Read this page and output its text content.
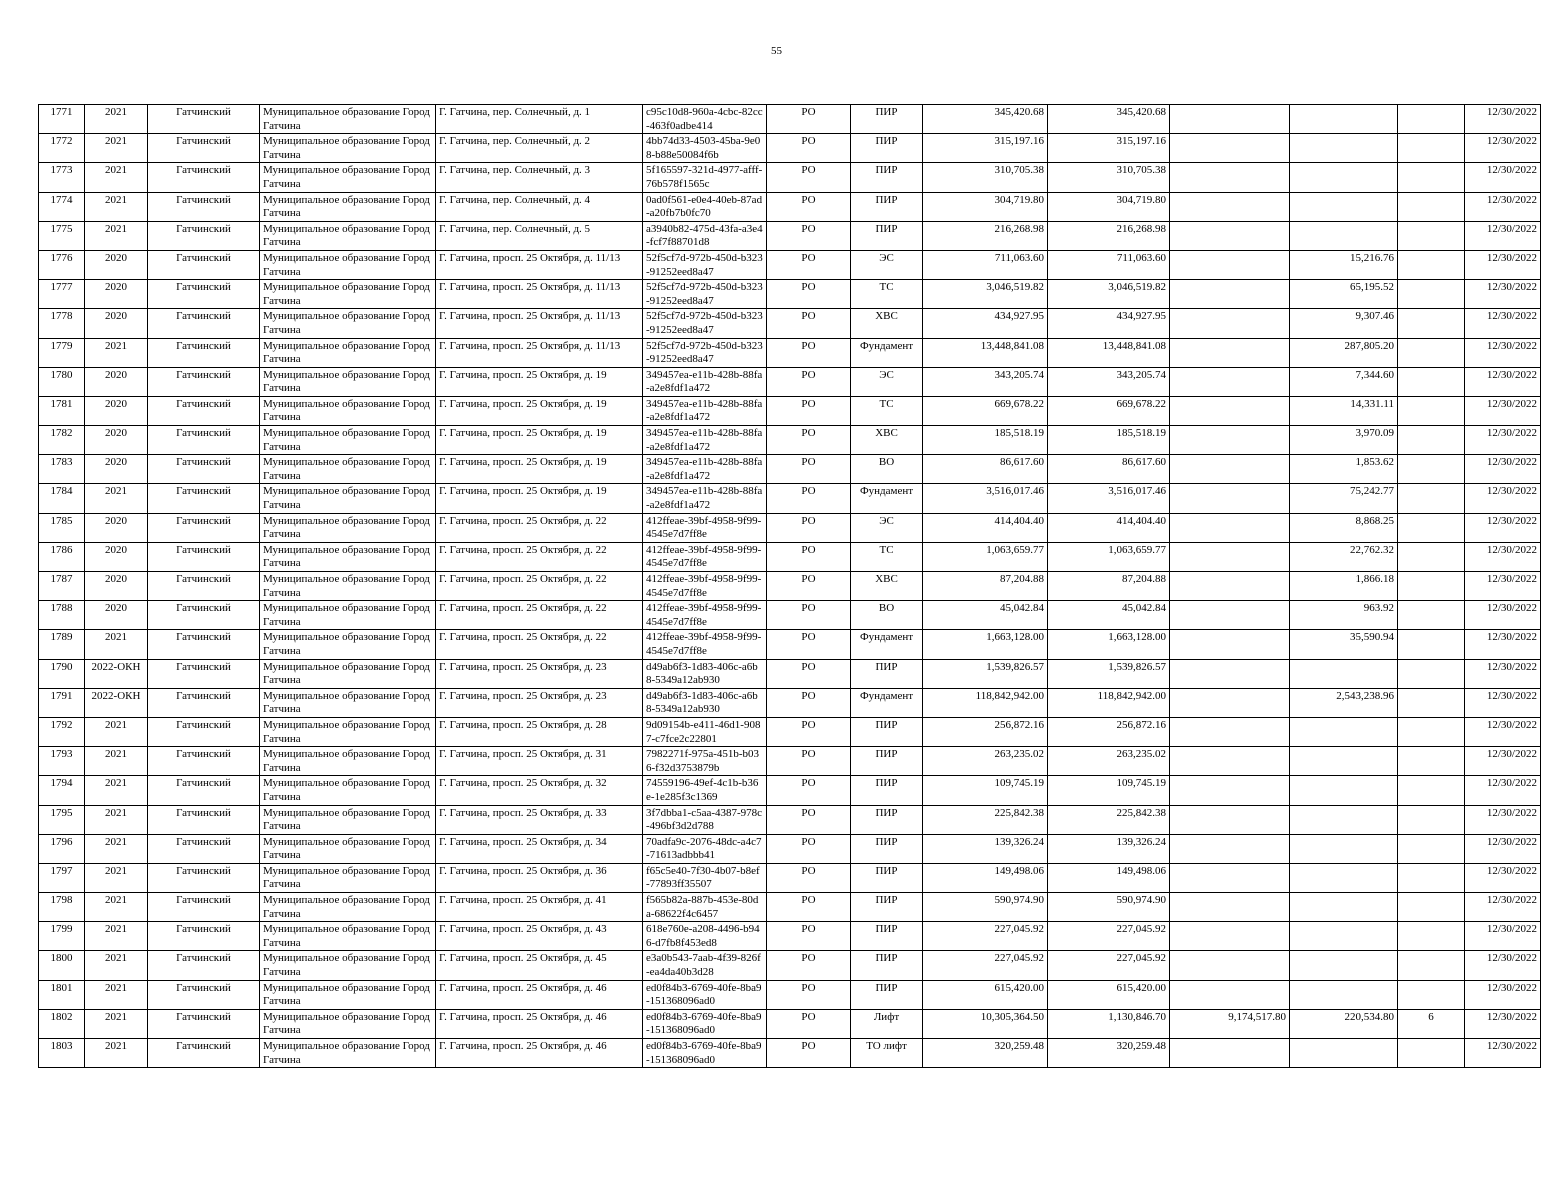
55
1771	2021	Гатчинский	Муниципальное образование Город Гатчина	Г. Гатчина, пер. Солнечный, д. 1	c95c10d8-960a-4cbc-82cc-463f0adbe414	РО	ПИР	345,420.68	345,420.68				12/30/2022
1772	2021	Гатчинский	Муниципальное образование Город Гатчина	Г. Гатчина, пер. Солнечный, д. 2	4bb74d33-4503-45ba-9e08-b88e50084f6b	РО	ПИР	315,197.16	315,197.16				12/30/2022
1773	2021	Гатчинский	Муниципальное образование Город Гатчина	Г. Гатчина, пер. Солнечный, д. 3	5f165597-321d-4977-afff-76b578f1565c	РО	ПИР	310,705.38	310,705.38				12/30/2022
1774	2021	Гатчинский	Муниципальное образование Город Гатчина	Г. Гатчина, пер. Солнечный, д. 4	0ad0f561-e0e4-40eb-87ad-a20fb7b0fc70	РО	ПИР	304,719.80	304,719.80				12/30/2022
1775	2021	Гатчинский	Муниципальное образование Город Гатчина	Г. Гатчина, пер. Солнечный, д. 5	a3940b82-475d-43fa-a3e4-fcf7f88701d8	РО	ПИР	216,268.98	216,268.98				12/30/2022
1776	2020	Гатчинский	Муниципальное образование Город Гатчина	Г. Гатчина, просп. 25 Октября, д. 11/13	52f5cf7d-972b-450d-b323-91252eed8a47	РО	ЭС	711,063.60	711,063.60		15,216.76		12/30/2022
1777	2020	Гатчинский	Муниципальное образование Город Гатчина	Г. Гатчина, просп. 25 Октября, д. 11/13	52f5cf7d-972b-450d-b323-91252eed8a47	РО	ТС	3,046,519.82	3,046,519.82		65,195.52		12/30/2022
1778	2020	Гатчинский	Муниципальное образование Город Гатчина	Г. Гатчина, просп. 25 Октября, д. 11/13	52f5cf7d-972b-450d-b323-91252eed8a47	РО	ХВС	434,927.95	434,927.95		9,307.46		12/30/2022
1779	2021	Гатчинский	Муниципальное образование Город Гатчина	Г. Гатчина, просп. 25 Октября, д. 11/13	52f5cf7d-972b-450d-b323-91252eed8a47	РО	Фундамент	13,448,841.08	13,448,841.08		287,805.20		12/30/2022
1780	2020	Гатчинский	Муниципальное образование Город Гатчина	Г. Гатчина, просп. 25 Октября, д. 19	349457ea-e11b-428b-88fa-a2e8fdf1a472	РО	ЭС	343,205.74	343,205.74		7,344.60		12/30/2022
1781	2020	Гатчинский	Муниципальное образование Город Гатчина	Г. Гатчина, просп. 25 Октября, д. 19	349457ea-e11b-428b-88fa-a2e8fdf1a472	РО	ТС	669,678.22	669,678.22		14,331.11		12/30/2022
1782	2020	Гатчинский	Муниципальное образование Город Гатчина	Г. Гатчина, просп. 25 Октября, д. 19	349457ea-e11b-428b-88fa-a2e8fdf1a472	РО	ХВС	185,518.19	185,518.19		3,970.09		12/30/2022
1783	2020	Гатчинский	Муниципальное образование Город Гатчина	Г. Гатчина, просп. 25 Октября, д. 19	349457ea-e11b-428b-88fa-a2e8fdf1a472	РО	ВО	86,617.60	86,617.60		1,853.62		12/30/2022
1784	2021	Гатчинский	Муниципальное образование Город Гатчина	Г. Гатчина, просп. 25 Октября, д. 19	349457ea-e11b-428b-88fa-a2e8fdf1a472	РО	Фундамент	3,516,017.46	3,516,017.46		75,242.77		12/30/2022
1785	2020	Гатчинский	Муниципальное образование Город Гатчина	Г. Гатчина, просп. 25 Октября, д. 22	412ffeae-39bf-4958-9f99-4545e7d7ff8e	РО	ЭС	414,404.40	414,404.40		8,868.25		12/30/2022
1786	2020	Гатчинский	Муниципальное образование Город Гатчина	Г. Гатчина, просп. 25 Октября, д. 22	412ffeae-39bf-4958-9f99-4545e7d7ff8e	РО	ТС	1,063,659.77	1,063,659.77		22,762.32		12/30/2022
1787	2020	Гатчинский	Муниципальное образование Город Гатчина	Г. Гатчина, просп. 25 Октября, д. 22	412ffeae-39bf-4958-9f99-4545e7d7ff8e	РО	ХВС	87,204.88	87,204.88		1,866.18		12/30/2022
1788	2020	Гатчинский	Муниципальное образование Город Гатчина	Г. Гатчина, просп. 25 Октября, д. 22	412ffeae-39bf-4958-9f99-4545e7d7ff8e	РО	ВО	45,042.84	45,042.84		963.92		12/30/2022
1789	2021	Гатчинский	Муниципальное образование Город Гатчина	Г. Гатчина, просп. 25 Октября, д. 22	412ffeae-39bf-4958-9f99-4545e7d7ff8e	РО	Фундамент	1,663,128.00	1,663,128.00		35,590.94		12/30/2022
1790	2022-ОКН	Гатчинский	Муниципальное образование Город Гатчина	Г. Гатчина, просп. 25 Октября, д. 23	d49ab6f3-1d83-406c-a6b8-5349a12ab930	РО	ПИР	1,539,826.57	1,539,826.57				12/30/2022
1791	2022-ОКН	Гатчинский	Муниципальное образование Город Гатчина	Г. Гатчина, просп. 25 Октября, д. 23	d49ab6f3-1d83-406c-a6b8-5349a12ab930	РО	Фундамент	118,842,942.00	118,842,942.00		2,543,238.96		12/30/2022
1792	2021	Гатчинский	Муниципальное образование Город Гатчина	Г. Гатчина, просп. 25 Октября, д. 28	9d09154b-e411-46d1-9087-c7fce2c22801	РО	ПИР	256,872.16	256,872.16				12/30/2022
1793	2021	Гатчинский	Муниципальное образование Город Гатчина	Г. Гатчина, просп. 25 Октября, д. 31	7982271f-975a-451b-b036-f32d3753879b	РО	ПИР	263,235.02	263,235.02				12/30/2022
1794	2021	Гатчинский	Муниципальное образование Город Гатчина	Г. Гатчина, просп. 25 Октября, д. 32	74559196-49ef-4c1b-b36e-1e285f3c1369	РО	ПИР	109,745.19	109,745.19				12/30/2022
1795	2021	Гатчинский	Муниципальное образование Город Гатчина	Г. Гатчина, просп. 25 Октября, д. 33	3f7dbba1-c5aa-4387-978c-496bf3d2d788	РО	ПИР	225,842.38	225,842.38				12/30/2022
1796	2021	Гатчинский	Муниципальное образование Город Гатчина	Г. Гатчина, просп. 25 Октября, д. 34	70adfa9c-2076-48dc-a4c7-71613adbbb41	РО	ПИР	139,326.24	139,326.24				12/30/2022
1797	2021	Гатчинский	Муниципальное образование Город Гатчина	Г. Гатчина, просп. 25 Октября, д. 36	f65c5e40-7f30-4b07-b8ef-77893ff35507	РО	ПИР	149,498.06	149,498.06				12/30/2022
1798	2021	Гатчинский	Муниципальное образование Город Гатчина	Г. Гатчина, просп. 25 Октября, д. 41	f565b82a-887b-453e-80da-68622f4c6457	РО	ПИР	590,974.90	590,974.90				12/30/2022
1799	2021	Гатчинский	Муниципальное образование Город Гатчина	Г. Гатчина, просп. 25 Октября, д. 43	618e760e-a208-4496-b946-d7fb8f453ed8	РО	ПИР	227,045.92	227,045.92				12/30/2022
1800	2021	Гатчинский	Муниципальное образование Город Гатчина	Г. Гатчина, просп. 25 Октября, д. 45	e3a0b543-7aab-4f39-826f-ea4da40b3d28	РО	ПИР	227,045.92	227,045.92				12/30/2022
1801	2021	Гатчинский	Муниципальное образование Город Гатчина	Г. Гатчина, просп. 25 Октября, д. 46	ed0f84b3-6769-40fe-8ba9-151368096ad0	РО	ПИР	615,420.00	615,420.00				12/30/2022
1802	2021	Гатчинский	Муниципальное образование Город Гатчина	Г. Гатчина, просп. 25 Октября, д. 46	ed0f84b3-6769-40fe-8ba9-151368096ad0	РО	Лифт	10,305,364.50	1,130,846.70	9,174,517.80	220,534.80	6	12/30/2022
1803	2021	Гатчинский	Муниципальное образование Город Гатчина	Г. Гатчина, просп. 25 Октября, д. 46	ed0f84b3-6769-40fe-8ba9-151368096ad0	РО	ТО лифт	320,259.48	320,259.48				12/30/2022
